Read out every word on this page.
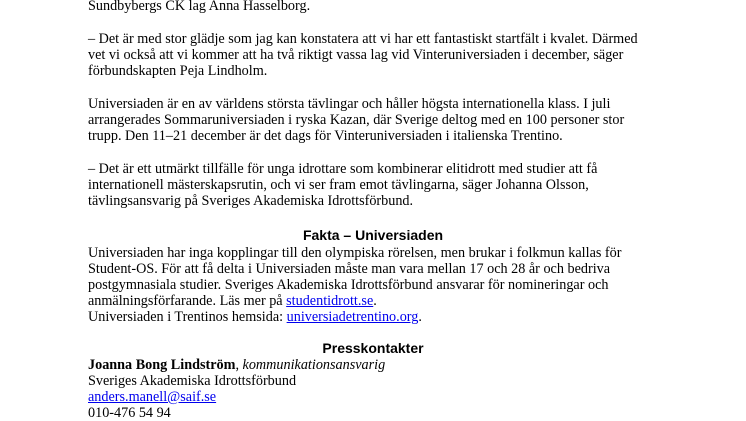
Sundbybergs CK lag Anna Hasselborg.

– Det är med stor glädje som jag kan konstatera att vi har ett fantastiskt startfält i kvalet. Därmed

vet vi också att vi kommer att ha två riktigt vassa lag vid Vinteruniversiaden i december, säger

förbundskapten Peja Lindholm.

Universiaden är en av världens största tävlingar och håller högsta internationella klass. I juli

arrangerades Sommaruniversiaden i ryska Kazan, där Sverige deltog med en 100 personer stor

trupp. Den 11–21 december är det dags för Vinteruniversiaden i italienska Trentino.

– Det är ett utmärkt tillfälle för unga idrottare som kombinerar elitidrott med studier att få

internationell mästerskapsrutin, och vi ser fram emot tävlingarna, säger Johanna Olsson,

tävlingsansvarig på Sveriges Akademiska Idrottsförbund.

Fakta – Universiaden

Universiaden har inga kopplingar till den olympiska rörelsen, men brukar i folkmun kallas för

Student-OS. För att få delta i Universiaden måste man vara mellan 17 och 28 år och bedriva

postgymnasiala studier. Sveriges Akademiska Idrottsförbund ansvarar för nomineringar och

anmälningsförfarande. Läs mer på studentidrott.se.

Universiaden i Trentinos hemsida: universiadetrentino.org.

Presskontakter

Joanna Bong Lindström, kommunikationsansvarig

Sveriges Akademiska Idrottsförbund

anders.manell@saif.se

010-476 54 94
